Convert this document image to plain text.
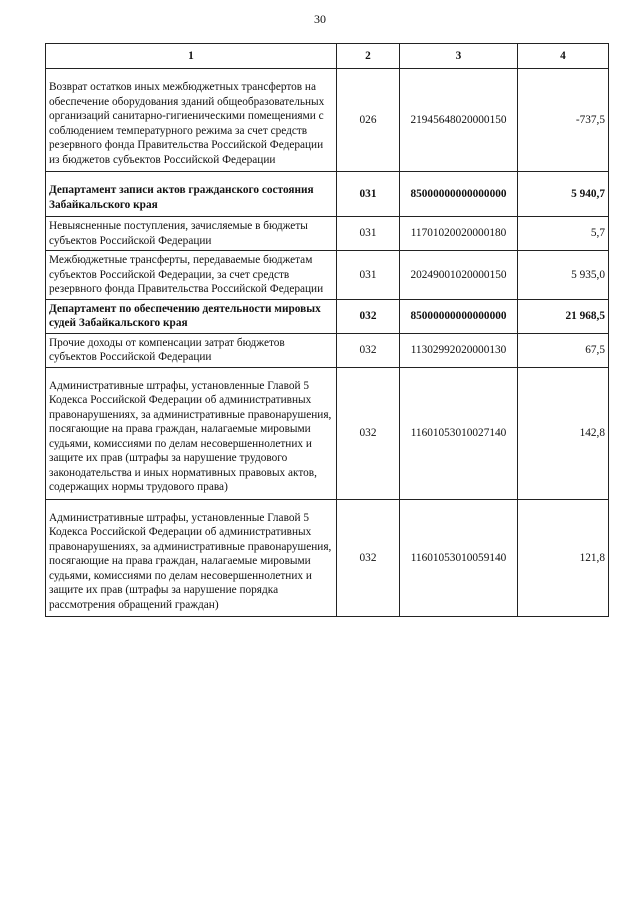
30
1	2	3	4
Возврат остатков иных межбюджетных трансфертов на обеспечение оборудования зданий общеобразовательных организаций санитарно-гигиеническими помещениями с соблюдением температурного режима за счет средств резервного фонда Правительства Российской Федерации из бюджетов субъектов Российской Федерации	026	21945648020000150	-737,5
Департамент записи актов гражданского состояния Забайкальского края	031	85000000000000000	5 940,7
Невыясненные поступления, зачисляемые в бюджеты субъектов Российской Федерации	031	11701020020000180	5,7
Межбюджетные трансферты, передаваемые бюджетам субъектов Российской Федерации, за счет средств резервного фонда Правительства Российской Федерации	031	20249001020000150	5 935,0
Департамент по обеспечению деятельности мировых судей Забайкальского края	032	85000000000000000	21 968,5
Прочие доходы от компенсации затрат бюджетов субъектов Российской Федерации	032	11302992020000130	67,5
Административные штрафы, установленные Главой 5 Кодекса Российской Федерации об административных правонарушениях, за административные правонарушения, посягающие на права граждан, налагаемые мировыми судьями, комиссиями по делам несовершеннолетних и защите их прав (штрафы за нарушение трудового законодательства и иных нормативных правовых актов, содержащих нормы трудового права)	032	11601053010027140	142,8
Административные штрафы, установленные Главой 5 Кодекса Российской Федерации об административных правонарушениях, за административные правонарушения, посягающие на права граждан, налагаемые мировыми судьями, комиссиями по делам несовершеннолетних и защите их прав (штрафы за нарушение порядка рассмотрения обращений граждан)	032	11601053010059140	121,8
